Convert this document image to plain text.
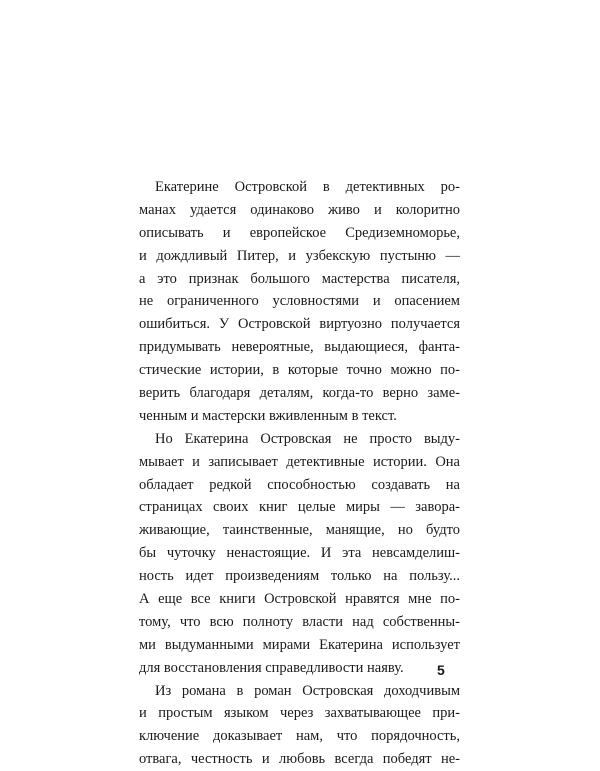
Екатерине Островской в детективных ро-
манах удается одинаково живо и колоритно
описывать и европейское Средиземноморье,
и дождливый Питер, и узбекскую пустыню —
а это признак большого мастерства писателя,
не ограниченного условностями и опасением
ошибиться. У Островской виртуозно получается
придумывать невероятные, выдающиеся, фанта-
стические истории, в которые точно можно по-
верить благодаря деталям, когда-то верно заме-
ченным и мастерски вживленным в текст.
Но Екатерина Островская не просто выду-
мывает и записывает детективные истории. Она
обладает редкой способностью создавать на
страницах своих книг целые миры — завора-
живающие, таинственные, манящие, но будто
бы чуточку ненастоящие. И эта невсамделиш-
ность идет произведениям только на пользу...
А еще все книги Островской нравятся мне по-
тому, что всю полноту власти над собственны-
ми выдуманными мирами Екатерина использует
для восстановления справедливости наяву.
Из романа в роман Островская доходчивым
и простым языком через захватывающее при-
ключение доказывает нам, что порядочность,
отвага, честность и любовь всегда победят не-
5
